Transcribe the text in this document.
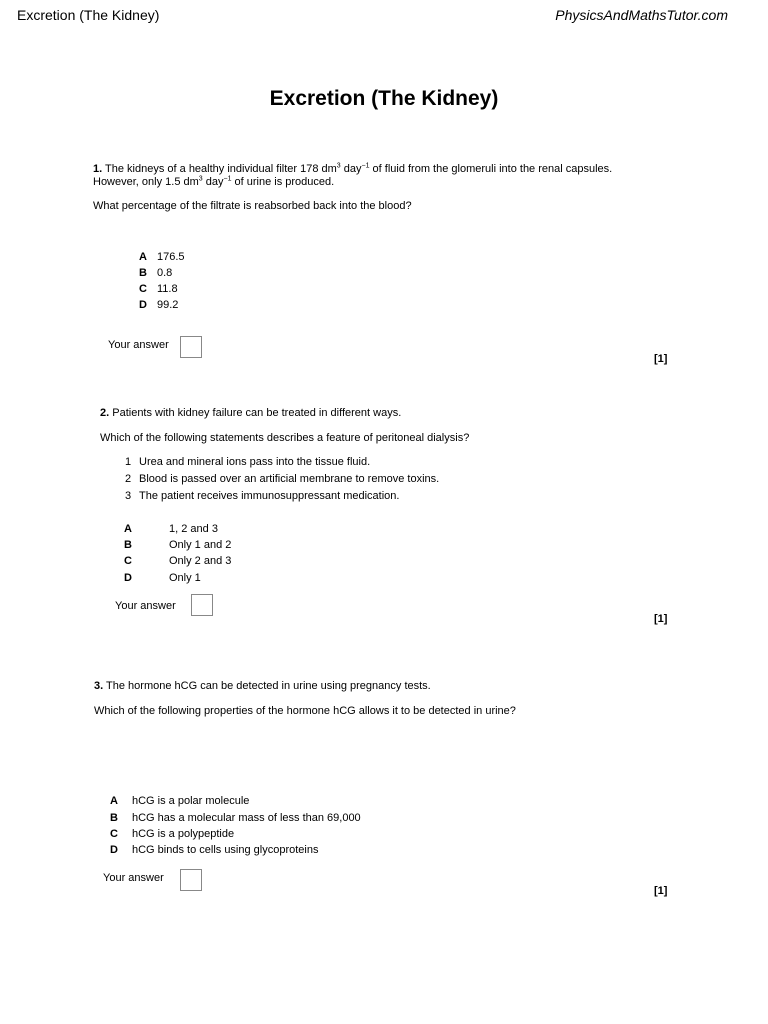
Excretion (The Kidney)	PhysicsAndMathsTutor.com
Excretion (The Kidney)
1. The kidneys of a healthy individual filter 178 $dm^3$ day$^{-1}$ of fluid from the glomeruli into the renal capsules.
However, only 1.5 $dm^3$ day$^{-1}$ of urine is produced.
What percentage of the filtrate is reabsorbed back into the blood?
A 176.5
B 0.8
C 11.8
D 99.2
Your answer
[1]
2. Patients with kidney failure can be treated in different ways.
Which of the following statements describes a feature of peritoneal dialysis?
1 Urea and mineral ions pass into the tissue fluid.
2 Blood is passed over an artificial membrane to remove toxins.
3 The patient receives immunosuppressant medication.
A	1, 2 and 3
B	Only 1 and 2
C	Only 2 and 3
D	Only 1
Your answer
[1]
3. The hormone hCG can be detected in urine using pregnancy tests.
Which of the following properties of the hormone hCG allows it to be detected in urine?
A hCG is a polar molecule
B hCG has a molecular mass of less than 69,000
C hCG is a polypeptide
D hCG binds to cells using glycoproteins
Your answer
[1]
